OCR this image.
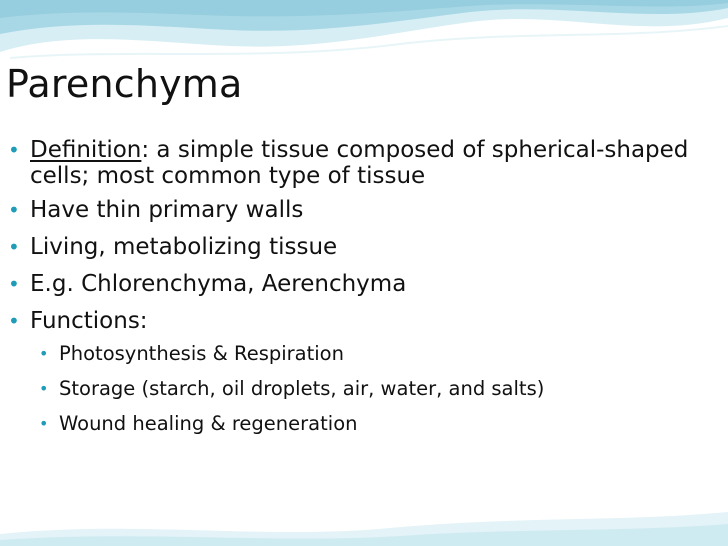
Parenchyma
• Definition: a simple tissue composed of spherical-shaped cells; most common type of tissue
• Have thin primary walls
• Living, metabolizing tissue
• E.g. Chlorenchyma, Aerenchyma
• Functions:
• Photosynthesis & Respiration
• Storage (starch, oil droplets, air, water, and salts)
• Wound healing & regeneration
